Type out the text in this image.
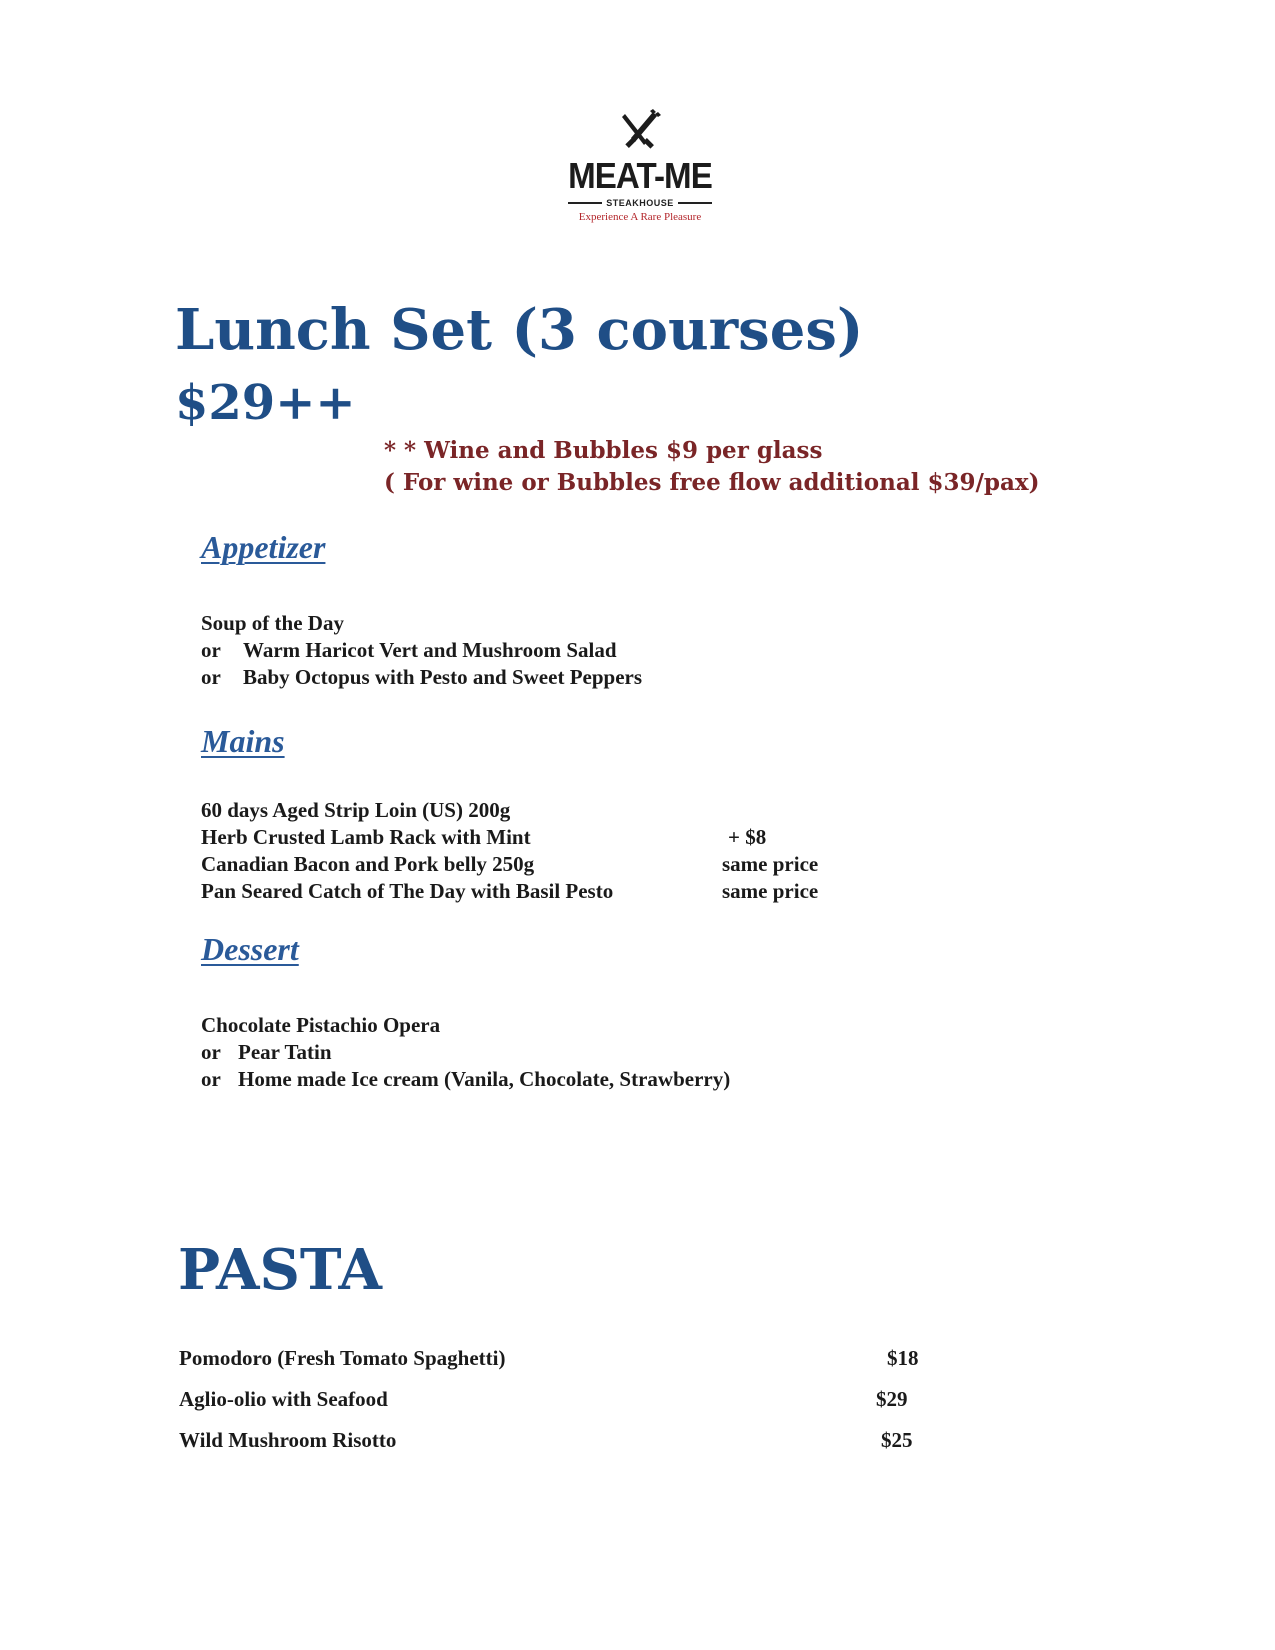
MEAT-ME
STEAKHOUSE
Experience A Rare Pleasure
Lunch Set (3 courses)
$29++
* * Wine and Bubbles $9 per glass
( For wine or Bubbles free flow additional $39/pax)
Appetizer
Soup of the Day
or Warm Haricot Vert and Mushroom Salad
or Baby Octopus with Pesto and Sweet Peppers
Mains
60 days Aged Strip Loin (US) 200g
Herb Crusted Lamb Rack with Mint	+ $8
Canadian Bacon and Pork belly 250g	same price
Pan Seared Catch of The Day with Basil Pesto	same price
Dessert
Chocolate Pistachio Opera
or Pear Tatin
or Home made Ice cream (Vanila, Chocolate, Strawberry)
PASTA
Pomodoro (Fresh Tomato Spaghetti)	$18
Aglio-olio with Seafood	$29
Wild Mushroom Risotto	$25
